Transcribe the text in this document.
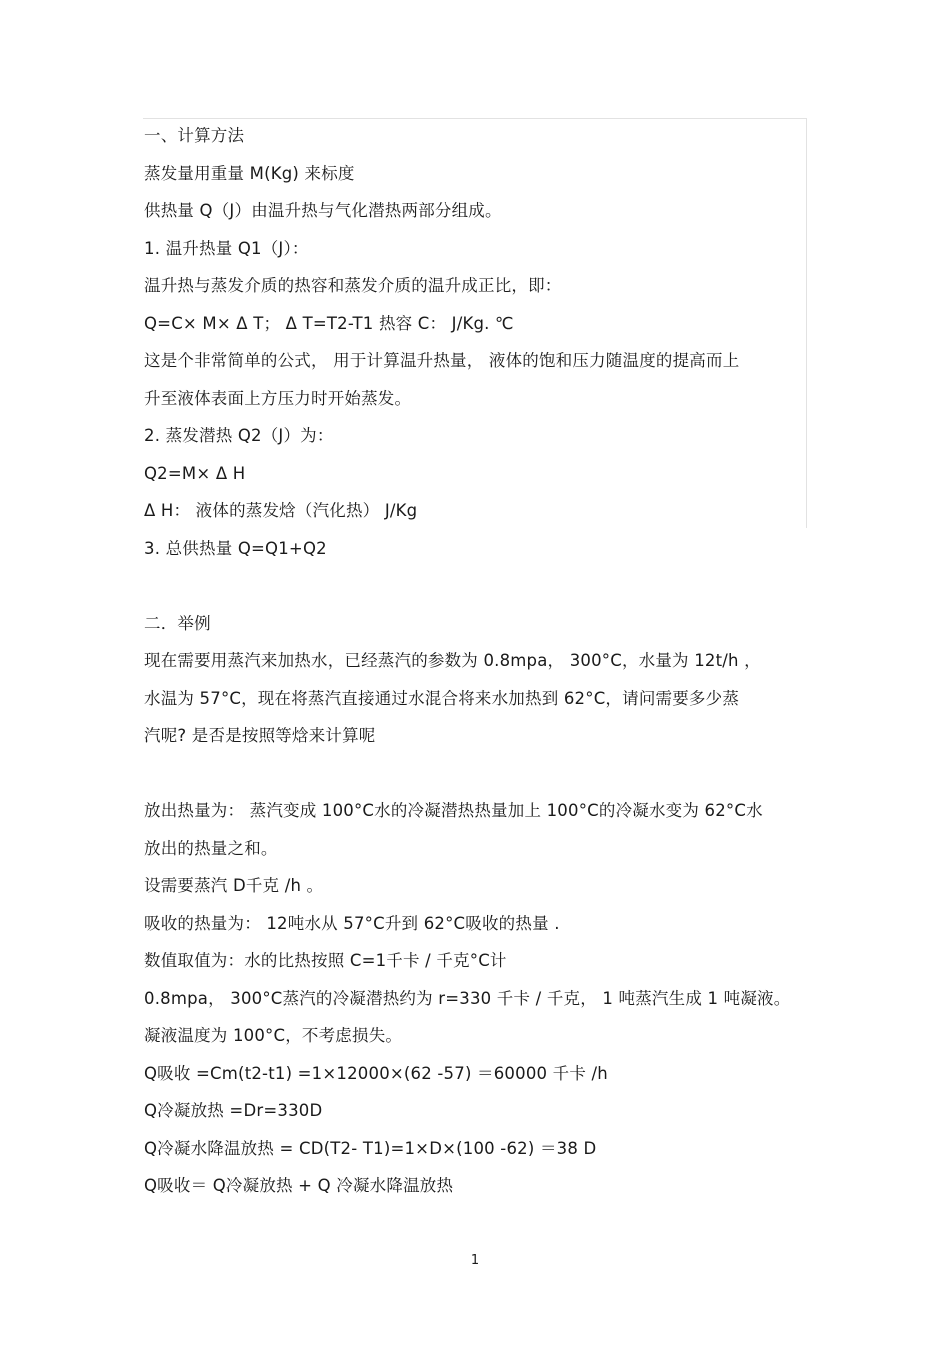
一、计算方法
蒸发量用重量 M(Kg) 来标度
供热量 Q（J）由温升热与气化潜热两部分组成。
1. 温升热量 Q1（J）：
温升热与蒸发介质的热容和蒸发介质的温升成正比，即：
Q=C× M× Δ T； Δ T=T2-T1 热容 C： J/Kg. ℃
这是个非常简单的公式， 用于计算温升热量， 液体的饱和压力随温度的提高而上
升至液体表面上方压力时开始蒸发。
2. 蒸发潜热 Q2（J）为：
Q2=M× Δ H
Δ H： 液体的蒸发焓（汽化热） J/Kg
3. 总供热量 Q=Q1+Q2
二．举例
现在需要用蒸汽来加热水，已经蒸汽的参数为 0.8mpa， 300°C，水量为 12t/h ，
水温为 57°C，现在将蒸汽直接通过水混合将来水加热到 62°C，请问需要多少蒸
汽呢? 是否是按照等焓来计算呢
放出热量为： 蒸汽变成 100°C水的冷凝潜热热量加上 100°C的冷凝水变为 62°C水
放出的热量之和。
设需要蒸汽 D千克 /h 。
吸收的热量为： 12吨水从 57°C升到 62°C吸收的热量 .
数值取值为：水的比热按照 C=1千卡 / 千克°C计
0.8mpa， 300°C蒸汽的冷凝潜热约为 r=330 千卡 / 千克， 1 吨蒸汽生成 1 吨凝液。
凝液温度为 100°C，不考虑损失。
Q吸收 =Cm(t2-t1) =1×12000×(62 -57) ＝60000 千卡 /h
Q冷凝放热 =Dr=330D
Q冷凝水降温放热 = CD(T2- T1)=1×D×(100 -62) ＝38 D
Q吸收＝ Q冷凝放热 + Q 冷凝水降温放热
1
